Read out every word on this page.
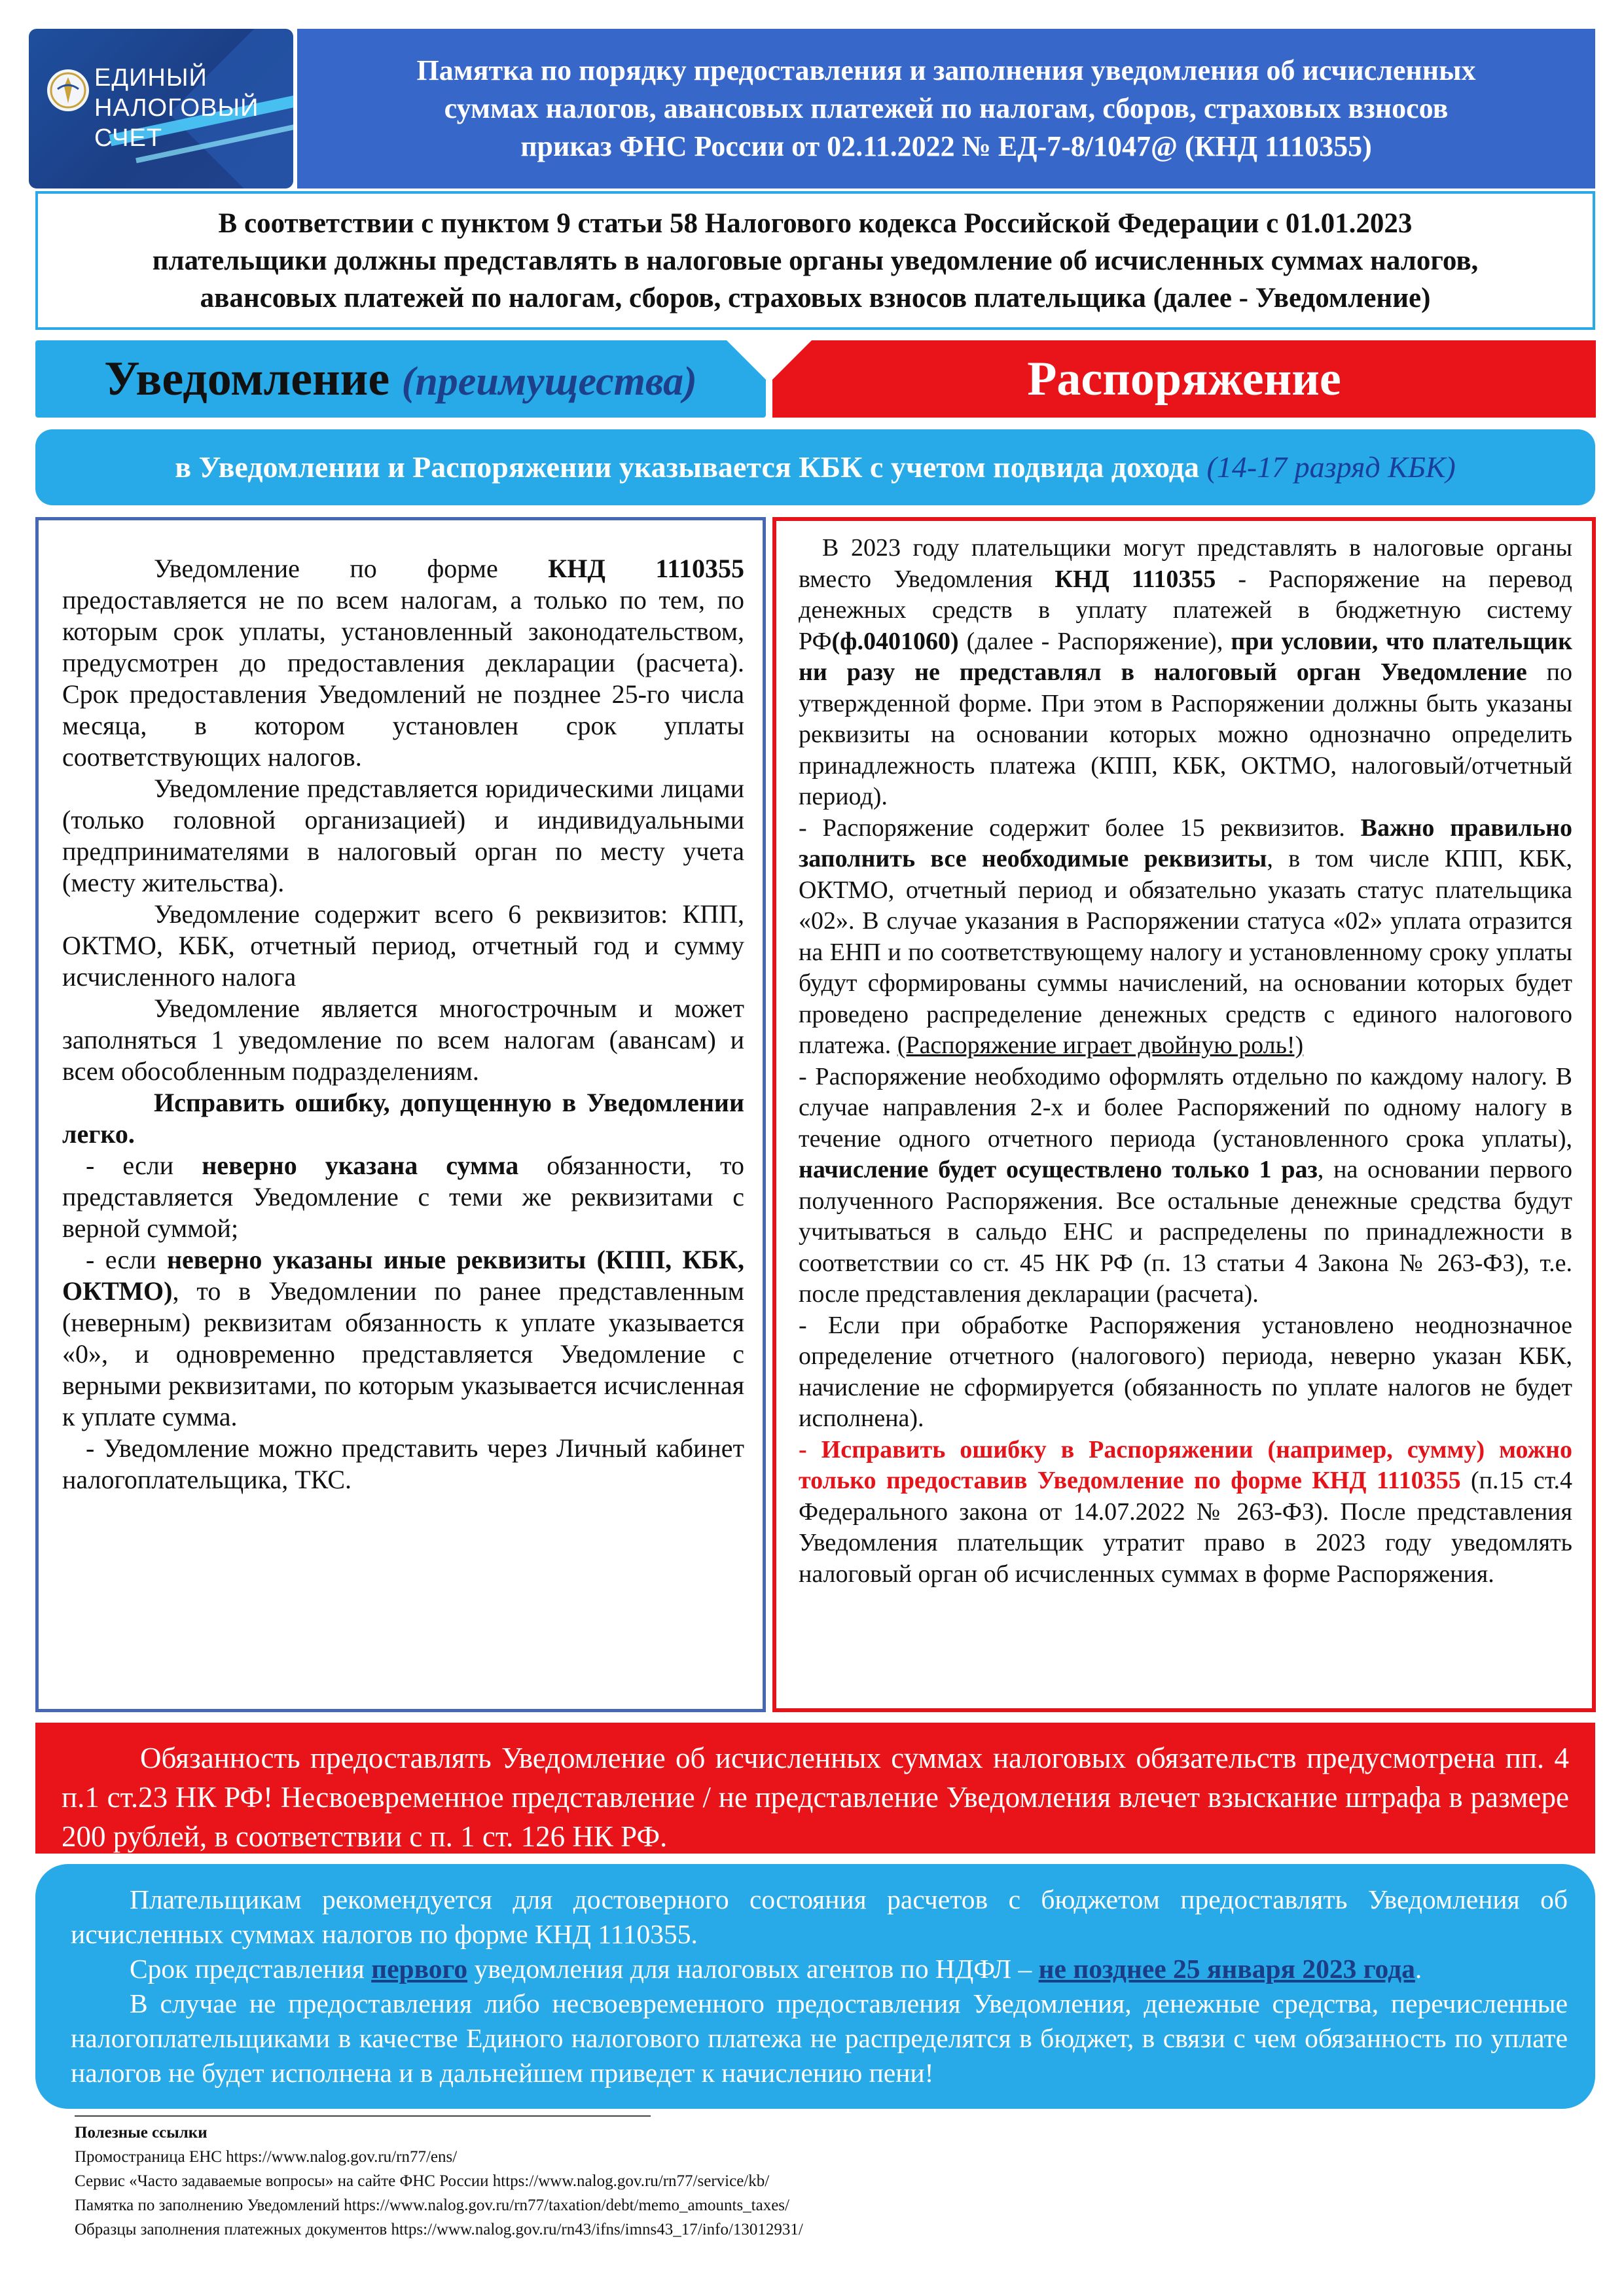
ЕДИНЫЙ
НАЛОГОВЫЙ
СЧЕТ
Памятка по порядку предоставления и заполнения уведомления об исчисленных
суммах налогов, авансовых платежей по налогам, сборов, страховых взносов
приказ ФНС России от 02.11.2022 № ЕД-7-8/1047@ (КНД 1110355)
В соответствии с пунктом 9 статьи 58 Налогового кодекса Российской Федерации с 01.01.2023
плательщики должны представлять в налоговые органы уведомление об исчисленных суммах налогов,
авансовых платежей по налогам, сборов, страховых взносов плательщика (далее - Уведомление)
Уведомление (преимущества)	Распоряжение
в Уведомлении и Распоряжении указывается КБК с учетом подвида дохода (14-17 разряд КБК)

Уведомление по форме КНД 1110355 предоставляется не по всем налогам, а только по тем, по которым срок уплаты, установленный законодательством, предусмотрен до предоставления декларации (расчета). Срок предоставления Уведомлений не позднее 25-го числа месяца, в котором установлен срок уплаты соответствующих налогов.

Уведомление представляется юридическими лицами (только головной организацией) и индивидуальными предпринимателями в налоговый орган по месту учета (месту жительства).

Уведомление содержит всего 6 реквизитов: КПП, ОКТМО, КБК, отчетный период, отчетный год и сумму исчисленного налога

Уведомление является многострочным и может заполняться 1 уведомление по всем налогам (авансам) и всем обособленным подразделениям.

Исправить ошибку, допущенную в Уведомлении легко.

- если неверно указана сумма обязанности, то представляется Уведомление с теми же реквизитами с верной суммой;

- если неверно указаны иные реквизиты (КПП, КБК, ОКТМО), то в Уведомлении по ранее представленным (неверным) реквизитам обязанность к уплате указывается «0», и одновременно представляется Уведомление с верными реквизитами, по которым указывается исчисленная к уплате сумма.

- Уведомление можно представить через Личный кабинет налогоплательщика, ТКС.

В 2023 году плательщики могут представлять в налоговые органы вместо Уведомления КНД 1110355 - Распоряжение на перевод денежных средств в уплату платежей в бюджетную систему РФ(ф.0401060) (далее - Распоряжение), при условии, что плательщик ни разу не представлял в налоговый орган Уведомление по утвержденной форме. При этом в Распоряжении должны быть указаны реквизиты на основании которых можно однозначно определить принадлежность платежа (КПП, КБК, ОКТМО, налоговый/отчетный период).

- Распоряжение содержит более 15 реквизитов. Важно правильно заполнить все необходимые реквизиты, в том числе КПП, КБК, ОКТМО, отчетный период и обязательно указать статус плательщика «02». В случае указания в Распоряжении статуса «02» уплата отразится на ЕНП и по соответствующему налогу и установленному сроку уплаты будут сформированы суммы начислений, на основании которых будет проведено распределение денежных средств с единого налогового платежа. (Распоряжение играет двойную роль!)

- Распоряжение необходимо оформлять отдельно по каждому налогу. В случае направления 2-х и более Распоряжений по одному налогу в течение одного отчетного периода (установленного срока уплаты), начисление будет осуществлено только 1 раз, на основании первого полученного Распоряжения. Все остальные денежные средства будут учитываться в сальдо ЕНС и распределены по принадлежности в соответствии со ст. 45 НК РФ (п. 13 статьи 4 Закона № 263-ФЗ), т.е. после представления декларации (расчета).

- Если при обработке Распоряжения установлено неоднозначное определение отчетного (налогового) периода, неверно указан КБК, начисление не сформируется (обязанность по уплате налогов не будет исполнена).

- Исправить ошибку в Распоряжении (например, сумму) можно только предоставив Уведомление по форме КНД 1110355 (п.15 ст.4 Федерального закона от 14.07.2022 № 263-ФЗ). После представления Уведомления плательщик утратит право в 2023 году уведомлять налоговый орган об исчисленных суммах в форме Распоряжения.

Обязанность предоставлять Уведомление об исчисленных суммах налоговых обязательств предусмотрена пп. 4 п.1 ст.23 НК РФ! Несвоевременное представление / не представление Уведомления влечет взыскание штрафа в размере 200 рублей, в соответствии с п. 1 ст. 126 НК РФ.

Плательщикам рекомендуется для достоверного состояния расчетов с бюджетом предоставлять Уведомления об исчисленных суммах налогов по форме КНД 1110355.

Срок представления первого уведомления для налоговых агентов по НДФЛ – не позднее 25 января 2023 года.

В случае не предоставления либо несвоевременного предоставления Уведомления, денежные средства, перечисленные налогоплательщиками в качестве Единого налогового платежа не распределятся в бюджет, в связи с чем обязанность по уплате налогов не будет исполнена и в дальнейшем приведет к начислению пени!

Полезные ссылки
Промостраница ЕНС https://www.nalog.gov.ru/rn77/ens/
Сервис «Часто задаваемые вопросы» на сайте ФНС России https://www.nalog.gov.ru/rn77/service/kb/
Памятка по заполнению Уведомлений https://www.nalog.gov.ru/rn77/taxation/debt/memo_amounts_taxes/
Образцы заполнения платежных документов https://www.nalog.gov.ru/rn43/ifns/imns43_17/info/13012931/
